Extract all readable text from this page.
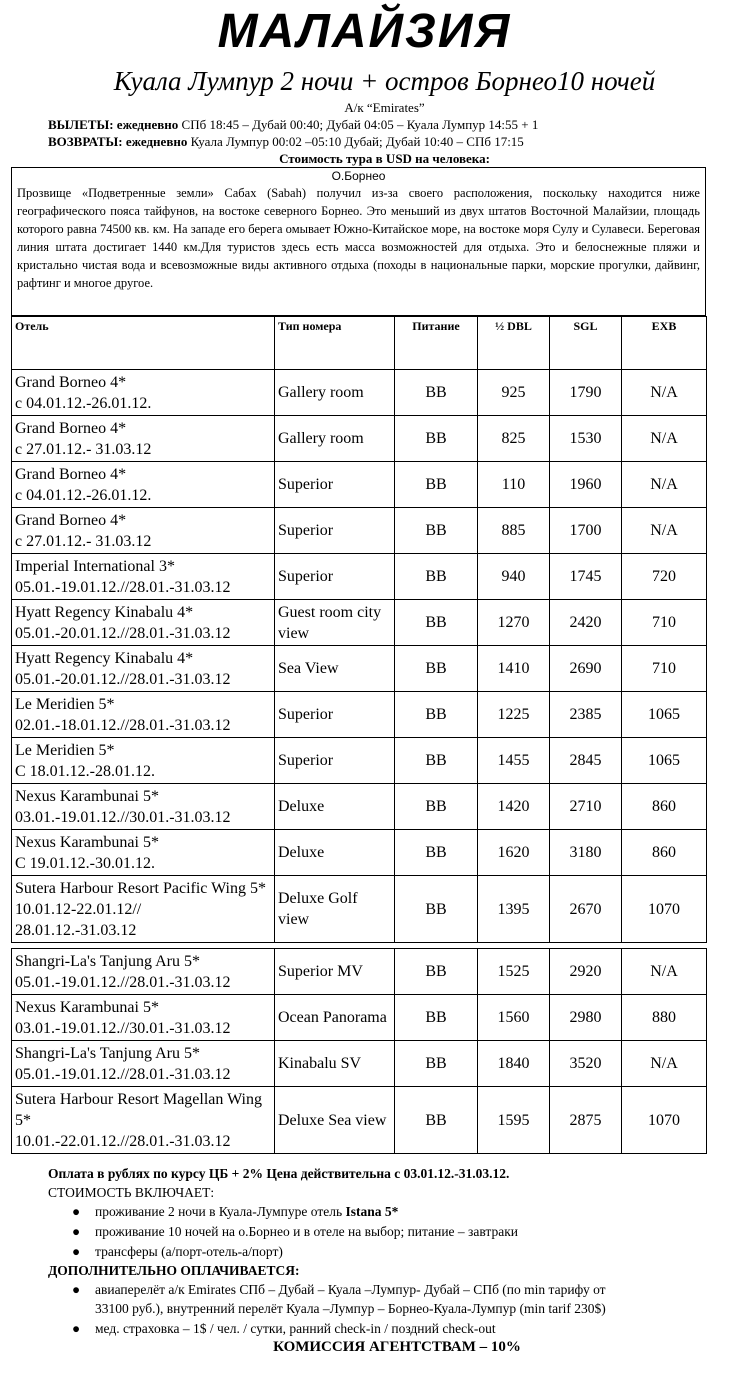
МАЛАЙЗИЯ
Куала Лумпур 2 ночи + остров Борнео10 ночей
А/к “Emirates”
ВЫЛЕТЫ: ежедневно СПб 18:45 – Дубай 00:40; Дубай 04:05 – Куала Лумпур 14:55 + 1
ВОЗВРАТЫ: ежедневно Куала Лумпур 00:02 –05:10 Дубай; Дубай 10:40 – СПб 17:15
Стоимость тура в USD на человека:
О.Борнео
Прозвище «Подветренные земли» Сабах (Sabah) получил из-за своего расположения, поскольку находится ниже географического пояса тайфунов, на востоке северного Борнео. Это меньший из двух штатов Восточной Малайзии, площадь которого равна 74500 кв. км. На западе его берега омывает Южно-Китайское море, на востоке моря Сулу и Сулавеси. Береговая линия штата достигает 1440 км.Для туристов здесь есть масса возможностей для отдыха. Это и белоснежные пляжи и кристально чистая вода и всевозможные виды активного отдыха (походы в национальные парки, морские прогулки, дайвинг, рафтинг и многое другое.
Отель	Тип номера	Питание	½ DBL	SGL	EXB

Grand Borneo 4*
с 04.01.12.-26.01.12.	Gallery room	BB	925	1790	N/A

Grand Borneo 4*
с 27.01.12.- 31.03.12	Gallery room	BB	825	1530	N/A

Grand Borneo 4*
с 04.01.12.-26.01.12.	Superior	BB	110	1960	N/A

Grand Borneo 4*
с 27.01.12.- 31.03.12	Superior	BB	885	1700	N/A

Imperial International 3*
05.01.-19.01.12.//28.01.-31.03.12	Superior	BB	940	1745	720

Hyatt Regency Kinabalu 4*
05.01.-20.01.12.//28.01.-31.03.12	Guest room city view	BB	1270	2420	710

Hyatt Regency Kinabalu 4*
05.01.-20.01.12.//28.01.-31.03.12	Sea View	BB	1410	2690	710

Le Meridien 5*
02.01.-18.01.12.//28.01.-31.03.12	Superior	BB	1225	2385	1065

Le Meridien 5*
С 18.01.12.-28.01.12.	Superior	BB	1455	2845	1065

Nexus Karambunai 5*
03.01.-19.01.12.//30.01.-31.03.12	Deluxe	BB	1420	2710	860

Nexus Karambunai 5*
С 19.01.12.-30.01.12.	Deluxe	BB	1620	3180	860

Sutera Harbour Resort Pacific Wing 5* 10.01.12-22.01.12//
28.01.12.-31.03.12	Deluxe Golf view	BB	1395	2670	1070

Shangri-La's Tanjung Aru 5*
05.01.-19.01.12.//28.01.-31.03.12	Superior MV	BB	1525	2920	N/A

Nexus Karambunai 5*
03.01.-19.01.12.//30.01.-31.03.12	Ocean Panorama	BB	1560	2980	880

Shangri-La's Tanjung Aru 5*
05.01.-19.01.12.//28.01.-31.03.12	Kinabalu SV	BB	1840	3520	N/A

Sutera Harbour Resort Magellan Wing 5*
10.01.-22.01.12.//28.01.-31.03.12	Deluxe Sea view	BB	1595	2875	1070
Оплата в рублях по курсу ЦБ + 2% Цена действительна с 03.01.12.-31.03.12.
СТОИМОСТЬ ВКЛЮЧАЕТ:
● проживание 2 ночи в Куала-Лумпуре отель Istana 5*
● проживание 10 ночей на о.Борнео и в отеле на выбор; питание – завтраки
● трансферы (а/порт-отель-а/порт)
ДОПОЛНИТЕЛЬНО ОПЛАЧИВАЕТСЯ:
● авиаперелёт а/к Emirates СПб – Дубай – Куала –Лумпур- Дубай – СПб (по min тарифу от
33100 руб.), внутренний перелёт Куала –Лумпур – Борнео-Куала-Лумпур (min tarif 230$)
● мед. страховка – 1$ / чел. / сутки, ранний check-in / поздний check-out
КОМИССИЯ АГЕНТСТВАМ – 10%
